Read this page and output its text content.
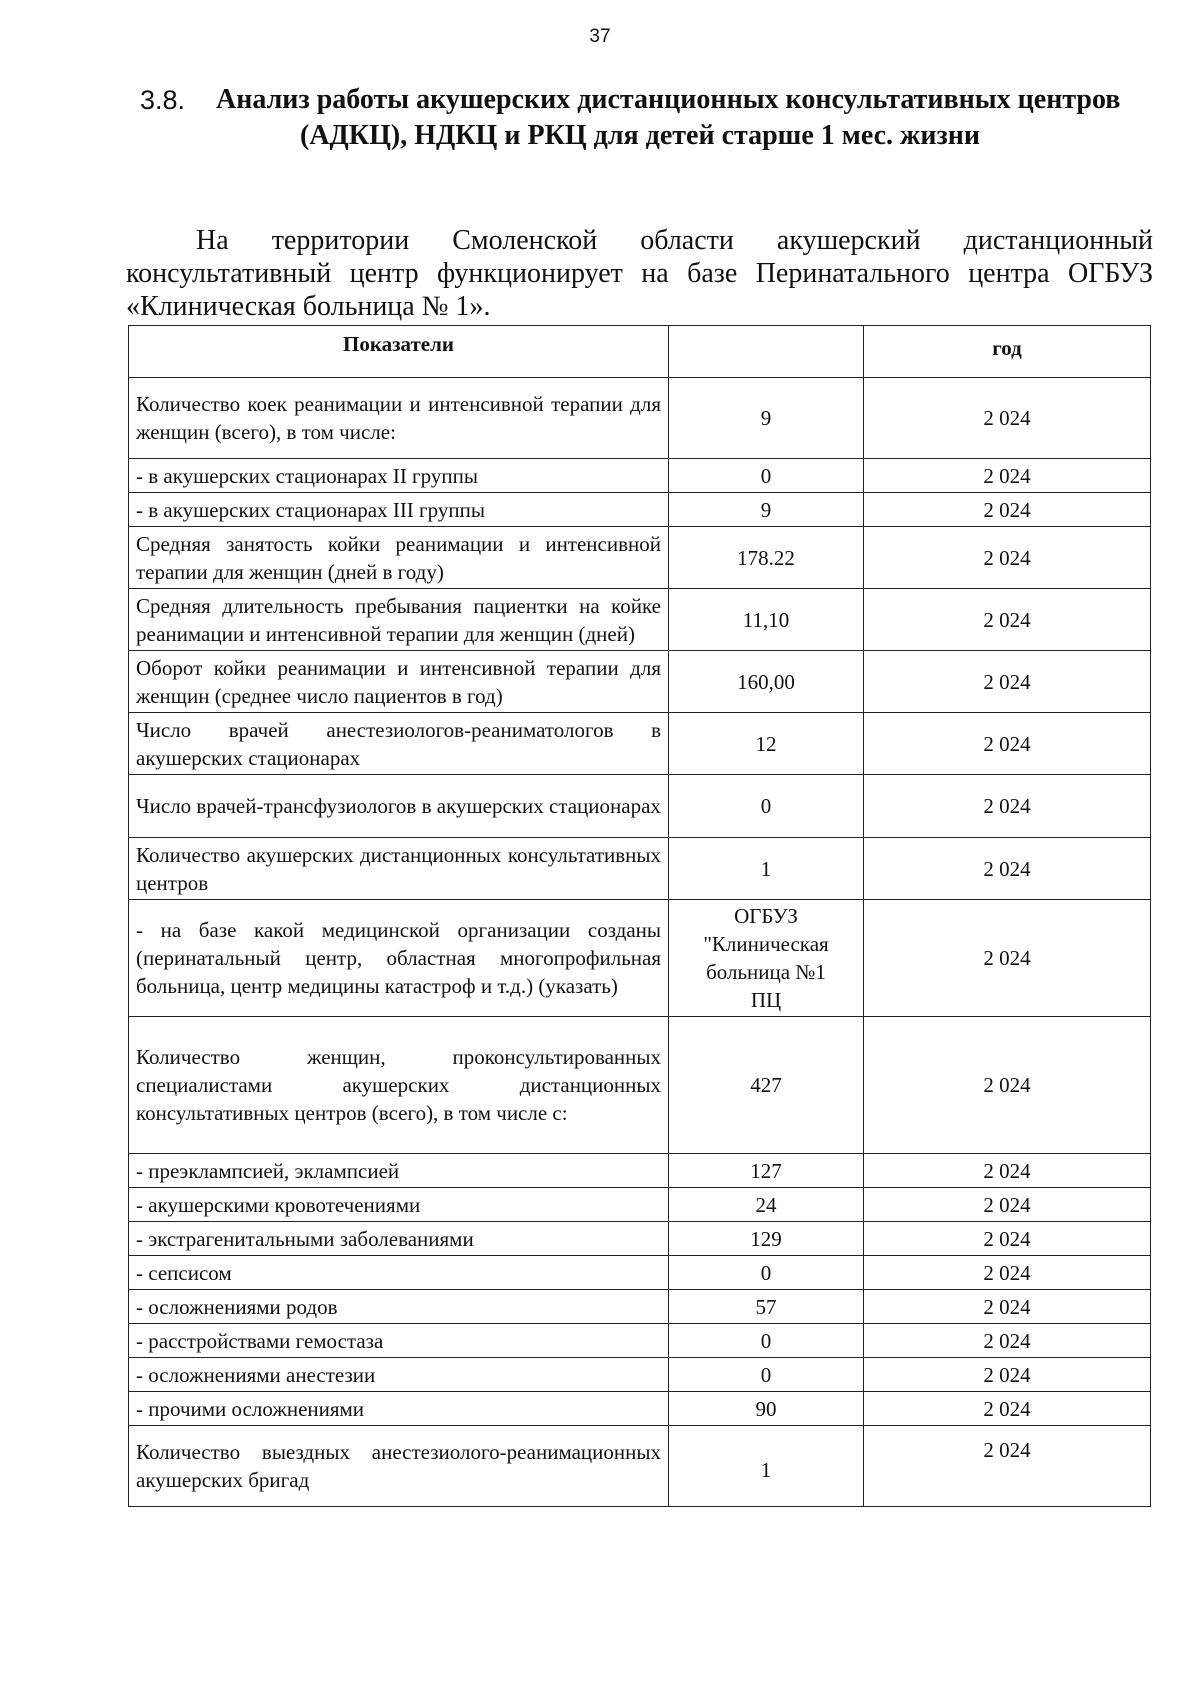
37
3.8. Анализ работы акушерских дистанционных консультативных центров
(АДКЦ), НДКЦ и РКЦ для детей старше 1 мес. жизни

На территории Смоленской области акушерский дистанционный консультативный центр функционирует на базе Перинатального центра ОГБУЗ «Клиническая больница № 1».

Показатели		год
Количество коек реанимации и интенсивной терапии для женщин (всего), в том числе:	9	2 024
- в акушерских стационарах II группы	0	2 024
- в акушерских стационарах III группы	9	2 024
Средняя занятость койки реанимации и интенсивной терапии для женщин (дней в году)	178.22	2 024
Средняя длительность пребывания пациентки на койке реанимации и интенсивной терапии для женщин (дней)	11,10	2 024
Оборот койки реанимации и интенсивной терапии для женщин (среднее число пациентов в год)	160,00	2 024
Число врачей анестезиологов-реаниматологов в акушерских стационарах	12	2 024
Число врачей-трансфузиологов в акушерских стационарах	0	2 024
Количество акушерских дистанционных консультативных центров	1	2 024
- на базе какой медицинской организации созданы (перинатальный центр, областная многопрофильная больница, центр медицины катастроф и т.д.) (указать)	ОГБУЗ "Клиническая больница №1 ПЦ	2 024
Количество женщин, проконсультированных специалистами акушерских дистанционных консультативных центров (всего), в том числе с:	427	2 024
- преэклампсией, эклампсией	127	2 024
- акушерскими кровотечениями	24	2 024
- экстрагенитальными заболеваниями	129	2 024
- сепсисом	0	2 024
- осложнениями родов	57	2 024
- расстройствами гемостаза	0	2 024
- осложнениями анестезии	0	2 024
- прочими осложнениями	90	2 024
Количество выездных анестезиолого-реанимационных акушерских бригад	1	2 024
